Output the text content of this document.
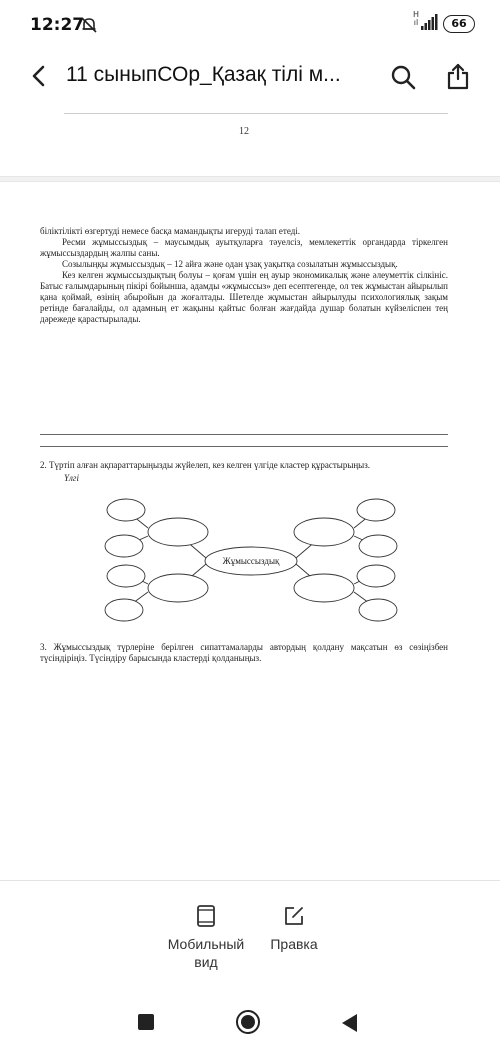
12:27
H
ıl	66
11 сыныпСОр_Қазақ тілі м...
12

біліктілікті өзгертуді немесе басқа мамандықты игеруді талап етеді.

Ресми жұмыссыздық – маусымдық ауытқуларға тәуелсіз, мемлекеттік органдарда тіркелген жұмыссыздардың жалпы саны.

Созылыңқы жұмыссыздық – 12 айға және одан ұзақ уақытқа созылатын жұмыссыздық.

Кез келген жұмыссыздықтың болуы – қоғам үшін ең ауыр экономикалық және әлеуметтік сілкініс. Батыс ғалымдарының пікірі бойынша, адамды «жұмыссыз» деп есептегенде, ол тек жұмыстан айырылып қана қоймай, өзінің абыройын да жоғалтады. Шетелде жұмыстан айырылуды психологиялық зақым ретінде бағалайды, ол адамның ет жақыны қайтыс болған жағдайда душар болатын күйзеліспен тең дәрежеде қарастырылады.

2. Түртіп алған ақпараттарыңызды жүйелеп, кез келген үлгіде кластер құрастырыңыз.
Үлгі
Жұмыссыздық
3. Жұмыссыздық түрлеріне берілген сипаттамаларды автордың қолдану мақсатын өз сөзіңізбен түсіндіріңіз. Түсіндіру барысында кластерді қолданыңыз.
Мобильный
вид
Правка
